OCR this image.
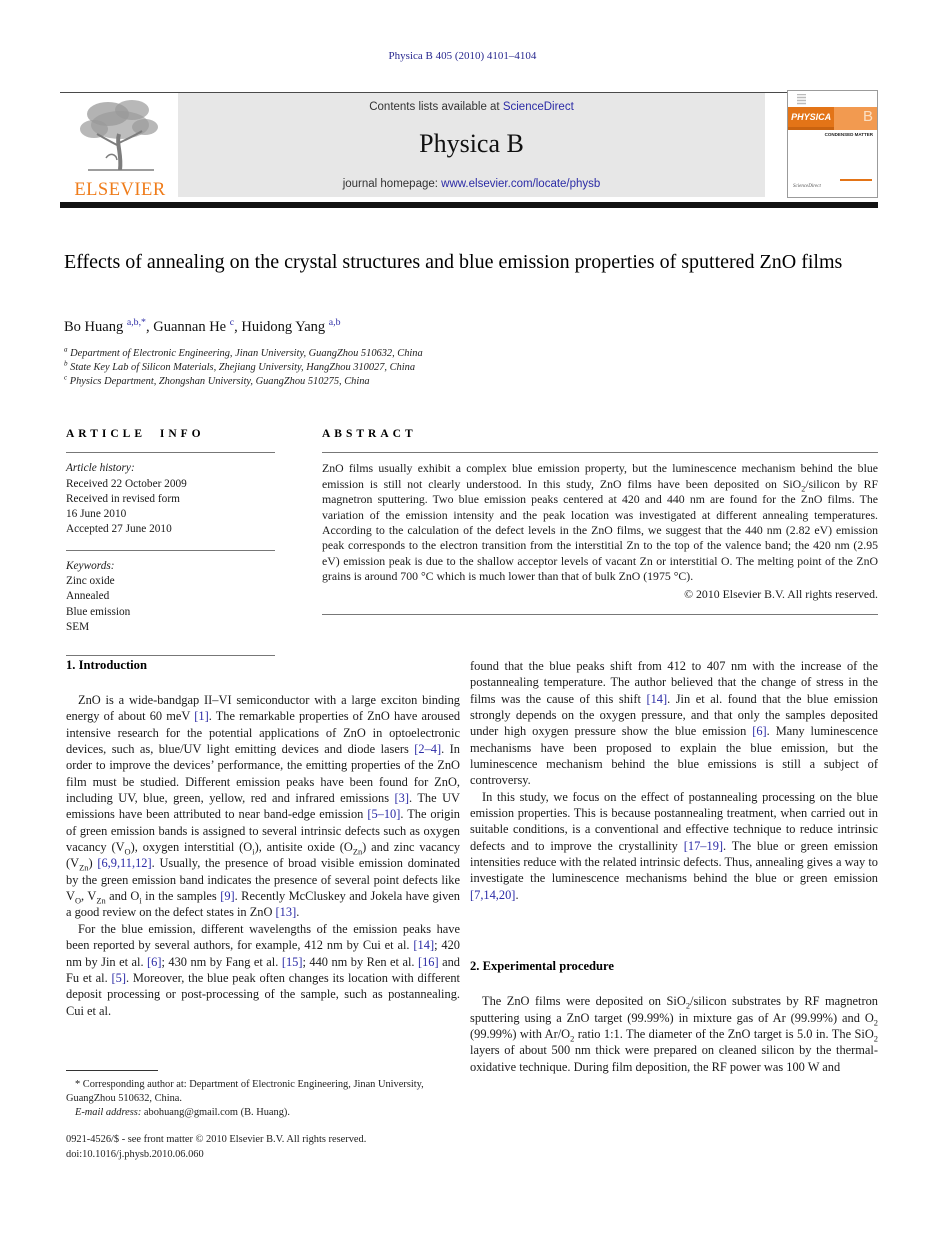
Physica B 405 (2010) 4101–4104
Contents lists available at ScienceDirect
Physica B
journal homepage: www.elsevier.com/locate/physb
ELSEVIER
PHYSICA B
CONDENSED MATTER
ScienceDirect
Effects of annealing on the crystal structures and blue emission properties of sputtered ZnO films
Bo Huang $^{a,b,*}$, Guannan He $^c$, Huidong Yang $^{a,b}$
$^a$ Department of Electronic Engineering, Jinan University, GuangZhou 510632, China
$^b$ State Key Lab of Silicon Materials, Zhejiang University, HangZhou 310027, China
$^c$ Physics Department, Zhongshan University, GuangZhou 510275, China
ARTICLE INFO
Article history:
Received 22 October 2009
Received in revised form
16 June 2010
Accepted 27 June 2010
Keywords:
Zinc oxide
Annealed
Blue emission
SEM
ABSTRACT

ZnO films usually exhibit a complex blue emission property, but the luminescence mechanism behind the blue emission is still not clearly understood. In this study, ZnO films have been deposited on SiO$_2$/silicon by RF magnetron sputtering. Two blue emission peaks centered at 420 and 440 nm are found for the ZnO films. The variation of the emission intensity and the peak location was investigated at different annealing temperatures. According to the calculation of the defect levels in the ZnO films, we suggest that the 440 nm (2.82 eV) emission peak corresponds to the electron transition from the interstitial Zn to the top of the valence band; the 420 nm (2.95 eV) emission peak is due to the shallow acceptor levels of vacant Zn or interstitial O. The melting point of the ZnO grains is around 700 °C which is much lower than that of bulk ZnO (1975 °C).

© 2010 Elsevier B.V. All rights reserved.

1. Introduction

ZnO is a wide-bandgap II–VI semiconductor with a large exciton binding energy of about 60 meV [1]. The remarkable properties of ZnO have aroused intensive research for the potential applications of ZnO in optoelectronic devices, such as, blue/UV light emitting devices and diode lasers [2–4]. In order to improve the devices’ performance, the emitting properties of the ZnO film must be studied. Different emission peaks have been found for ZnO, including UV, blue, green, yellow, red and infrared emissions [3]. The UV emissions have been attributed to near band-edge emission [5–10]. The origin of green emission bands is assigned to several intrinsic defects such as oxygen vacancy $(V_O)$, oxygen interstitial $(O_i)$, antisite oxide $(O_{Zn})$ and zinc vacancy $(V_{Zn})$ [6,9,11,12]. Usually, the presence of broad visible emission dominated by the green emission band indicates the presence of several point defects like $V_O$, $V_{Zn}$ and $O_i$ in the samples [9]. Recently McCluskey and Jokela have given a good review on the defect states in ZnO [13].

For the blue emission, different wavelengths of the emission peaks have been reported by several authors, for example, 412 nm by Cui et al. [14]; 420 nm by Jin et al. [6]; 430 nm by Fang et al. [15]; 440 nm by Ren et al. [16] and Fu et al. [5]. Moreover, the blue peak often changes its location with different deposit processing or post-processing of the sample, such as postannealing. Cui et al.

found that the blue peaks shift from 412 to 407 nm with the increase of the postannealing temperature. The author believed that the change of stress in the films was the cause of this shift [14]. Jin et al. found that the blue emission strongly depends on the oxygen pressure, and that only the samples deposited under high oxygen pressure show the blue emission [6]. Many luminescence mechanisms have been proposed to explain the blue emission, but the luminescence mechanism behind the blue emissions is still a subject of controversy.

In this study, we focus on the effect of postannealing processing on the blue emission properties. This is because postannealing treatment, when carried out in suitable conditions, is a conventional and effective technique to reduce intrinsic defects and to improve the crystallinity [17–19]. The blue or green emission intensities reduce with the related intrinsic defects. Thus, annealing gives a way to investigate the luminescence mechanisms behind the blue or green emission [7,14,20].

2. Experimental procedure

The ZnO films were deposited on SiO$_2$/silicon substrates by RF magnetron sputtering using a ZnO target (99.99%) in mixture gas of Ar (99.99%) and $O_2$ (99.99%) with $Ar/O_2$ ratio 1:1. The diameter of the ZnO target is 5.0 in. The SiO$_2$ layers of about 500 nm thick were prepared on cleaned silicon by the thermal-oxidative technique. During film deposition, the RF power was 100 W and

* Corresponding author at: Department of Electronic Engineering, Jinan University, GuangZhou 510632, China.

E-mail address: abohuang@gmail.com (B. Huang).

0921-4526/$ - see front matter © 2010 Elsevier B.V. All rights reserved.

doi:10.1016/j.physb.2010.06.060
